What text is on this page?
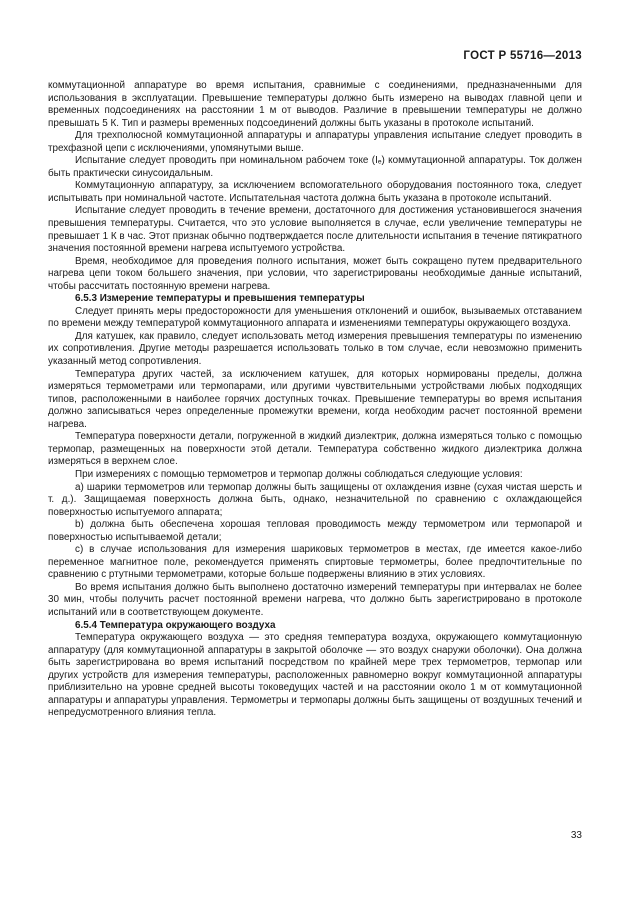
ГОСТ Р 55716—2013

коммутационной аппаратуре во время испытания, сравнимые с соединениями, предназначенными для использования в эксплуатации. Превышение температуры должно быть измерено на выводах главной цепи и временных подсоединениях на расстоянии 1 м от выводов. Различие в превышении температуры не должно превышать 5 К. Тип и размеры временных подсоединений должны быть указаны в протоколе испытаний.

Для трехполюсной коммутационной аппаратуры и аппаратуры управления испытание следует проводить в трехфазной цепи с исключениями, упомянутыми выше.

Испытание следует проводить при номинальном рабочем токе (Iₑ) коммутационной аппаратуры. Ток должен быть практически синусоидальным.

Коммутационную аппаратуру, за исключением вспомогательного оборудования постоянного тока, следует испытывать при номинальной частоте. Испытательная частота должна быть указана в протоколе испытаний.

Испытание следует проводить в течение времени, достаточного для достижения установившегося значения превышения температуры. Считается, что это условие выполняется в случае, если увеличение температуры не превышает 1 К в час. Этот признак обычно подтверждается после длительности испытания в течение пятикратного значения постоянной времени нагрева испытуемого устройства.

Время, необходимое для проведения полного испытания, может быть сокращено путем предварительного нагрева цепи током большего значения, при условии, что зарегистрированы необходимые данные испытаний, чтобы рассчитать постоянную времени нагрева.

6.5.3 Измерение температуры и превышения температуры

Следует принять меры предосторожности для уменьшения отклонений и ошибок, вызываемых отставанием по времени между температурой коммутационного аппарата и изменениями температуры окружающего воздуха.

Для катушек, как правило, следует использовать метод измерения превышения температуры по изменению их сопротивления. Другие методы разрешается использовать только в том случае, если невозможно применить указанный метод сопротивления.

Температура других частей, за исключением катушек, для которых нормированы пределы, должна измеряться термометрами или термопарами, или другими чувствительными устройствами любых подходящих типов, расположенными в наиболее горячих доступных точках. Превышение температуры во время испытания должно записываться через определенные промежутки времени, когда необходим расчет постоянной времени нагрева.

Температура поверхности детали, погруженной в жидкий диэлектрик, должна измеряться только с помощью термопар, размещенных на поверхности этой детали. Температура собственно жидкого диэлектрика должна измеряться в верхнем слое.

При измерениях с помощью термометров и термопар должны соблюдаться следующие условия:

а) шарики термометров или термопар должны быть защищены от охлаждения извне (сухая чистая шерсть и т. д.). Защищаемая поверхность должна быть, однако, незначительной по сравнению с охлаждающейся поверхностью испытуемого аппарата;

b) должна быть обеспечена хорошая тепловая проводимость между термометром или термопарой и поверхностью испытываемой детали;

с) в случае использования для измерения шариковых термометров в местах, где имеется какое-либо переменное магнитное поле, рекомендуется применять спиртовые термометры, более предпочтительные по сравнению с ртутными термометрами, которые больше подвержены влиянию в этих условиях.

Во время испытания должно быть выполнено достаточно измерений температуры при интервалах не более 30 мин, чтобы получить расчет постоянной времени нагрева, что должно быть зарегистрировано в протоколе испытаний или в соответствующем документе.

6.5.4 Температура окружающего воздуха

Температура окружающего воздуха — это средняя температура воздуха, окружающего коммутационную аппаратуру (для коммутационной аппаратуры в закрытой оболочке — это воздух снаружи оболочки). Она должна быть зарегистрирована во время испытаний посредством по крайней мере трех термометров, термопар или других устройств для измерения температуры, расположенных равномерно вокруг коммутационной аппаратуры приблизительно на уровне средней высоты токоведущих частей и на расстоянии около 1 м от коммутационной аппаратуры и аппаратуры управления. Термометры и термопары должны быть защищены от воздушных течений и непредусмотренного влияния тепла.

33
